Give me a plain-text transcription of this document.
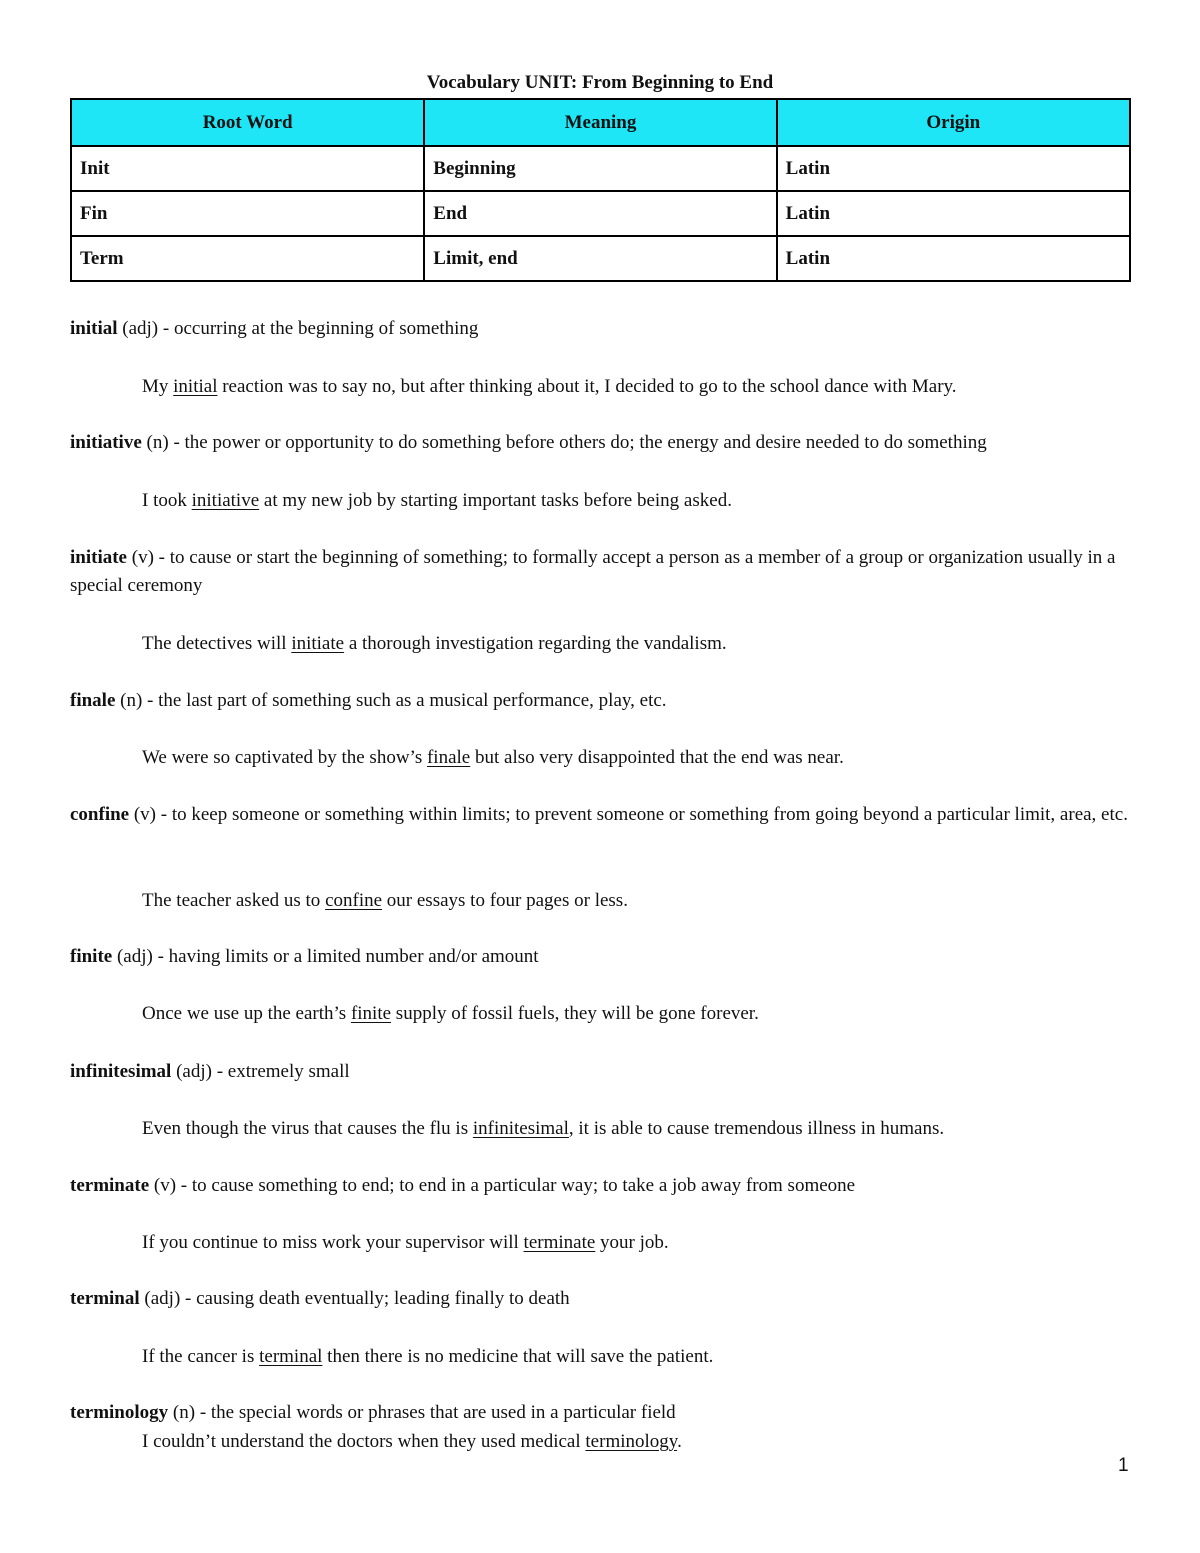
Vocabulary UNIT: From Beginning to End
Root Word	Meaning	Origin
Init	Beginning	Latin
Fin	End	Latin
Term	Limit, end	Latin
initial (adj) - occurring at the beginning of something
My initial reaction was to say no, but after thinking about it, I decided to go to the school dance with Mary.
initiative (n) - the power or opportunity to do something before others do; the energy and desire needed to do something
I took initiative at my new job by starting important tasks before being asked.
initiate (v) - to cause or start the beginning of something; to formally accept a person as a member of a group or organization usually in a special ceremony
The detectives will initiate a thorough investigation regarding the vandalism.
finale (n) - the last part of something such as a musical performance, play, etc.
We were so captivated by the show’s finale but also very disappointed that the end was near.
confine (v) - to keep someone or something within limits; to prevent someone or something from going beyond a particular limit, area, etc.
The teacher asked us to confine our essays to four pages or less.
finite (adj) - having limits or a limited number and/or amount
Once we use up the earth’s finite supply of fossil fuels, they will be gone forever.
infinitesimal (adj) - extremely small
Even though the virus that causes the flu is infinitesimal, it is able to cause tremendous illness in humans.
terminate (v) - to cause something to end; to end in a particular way; to take a job away from someone
If you continue to miss work your supervisor will terminate your job.
terminal (adj) - causing death eventually; leading finally to death
If the cancer is terminal then there is no medicine that will save the patient.
terminology (n) - the special words or phrases that are used in a particular field
I couldn’t understand the doctors when they used medical terminology.
1
